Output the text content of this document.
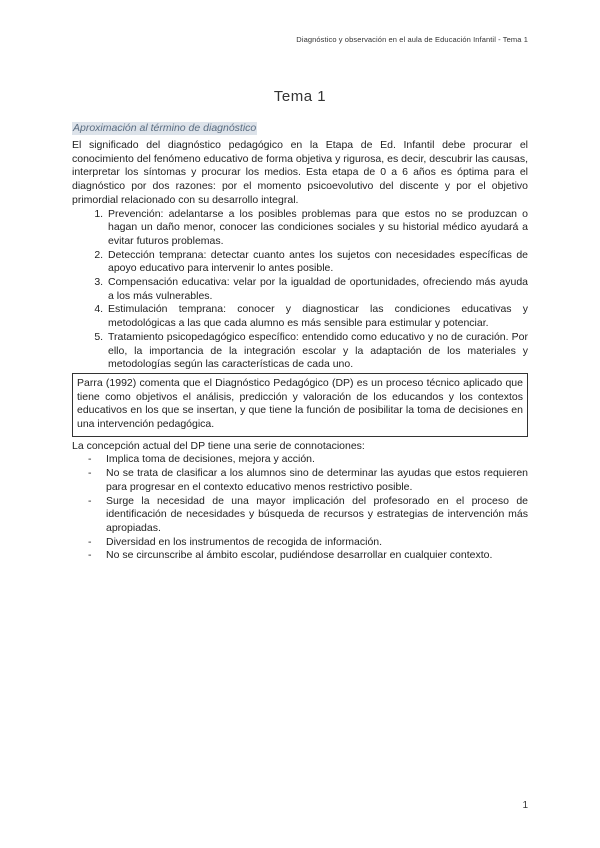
Diagnóstico y observación en el aula de Educación Infantil - Tema 1
Tema 1
Aproximación al término de diagnóstico

El significado del diagnóstico pedagógico en la Etapa de Ed. Infantil debe procurar el conocimiento del fenómeno educativo de forma objetiva y rigurosa, es decir, descubrir las causas, interpretar los síntomas y procurar los medios. Esta etapa de 0 a 6 años es óptima para el diagnóstico por dos razones: por el momento psicoevolutivo del discente y por el objetivo primordial relacionado con su desarrollo integral.

1. Prevención: adelantarse a los posibles problemas para que estos no se produzcan o hagan un daño menor, conocer las condiciones sociales y su historial médico ayudará a evitar futuros problemas.
2. Detección temprana: detectar cuanto antes los sujetos con necesidades específicas de apoyo educativo para intervenir lo antes posible.
3. Compensación educativa: velar por la igualdad de oportunidades, ofreciendo más ayuda a los más vulnerables.
4. Estimulación temprana: conocer y diagnosticar las condiciones educativas y metodológicas a las que cada alumno es más sensible para estimular y potenciar.
5. Tratamiento psicopedagógico específico: entendido como educativo y no de curación. Por ello, la importancia de la integración escolar y la adaptación de los materiales y metodologías según las características de cada uno.
Parra (1992) comenta que el Diagnóstico Pedagógico (DP) es un proceso técnico aplicado que tiene como objetivos el análisis, predicción y valoración de los educandos y los contextos educativos en los que se insertan, y que tiene la función de posibilitar la toma de decisiones en una intervención pedagógica.

La concepción actual del DP tiene una serie de connotaciones:

- Implica toma de decisiones, mejora y acción.
- No se trata de clasificar a los alumnos sino de determinar las ayudas que estos requieren para progresar en el contexto educativo menos restrictivo posible.
- Surge la necesidad de una mayor implicación del profesorado en el proceso de identificación de necesidades y búsqueda de recursos y estrategias de intervención más apropiadas.
- Diversidad en los instrumentos de recogida de información.
- No se circunscribe al ámbito escolar, pudiéndose desarrollar en cualquier contexto.
1
